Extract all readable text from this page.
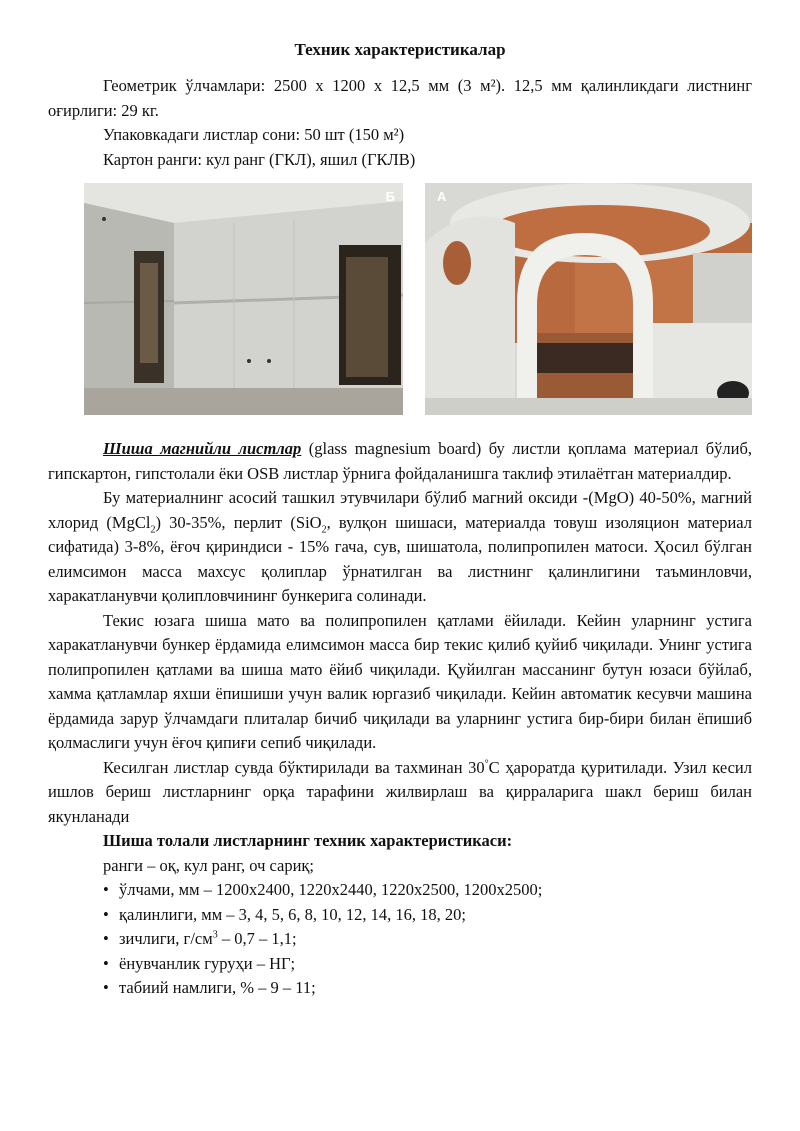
Техник характеристикалар

Геометрик ўлчамлари: 2500 x 1200 x 12,5 мм (3 м²). 12,5 мм қалинликдаги листнинг оғирлиги: 29 кг.

Упаковкадаги листлар сони: 50 шт (150 м²)
Картон ранги: кул ранг (ГКЛ), яшил (ГКЛВ)
Б	А

Шиша магнийли листлар (glass magnesium board) бу листли қоплама материал бўлиб, гипскартон, гипстолали ёки OSB листлар ўрнига фойдаланишга таклиф этилаётган материалдир.

Бу материалнинг асосий ташкил этувчилари бўлиб магний оксиди -(MgO) 40-50%, магний хлорид (MgCl$_2$) 30-35%, перлит (SiO$_2$, вулқон шишаси, материалда товуш изоляцион материал сифатида) 3-8%, ёғоч қириндиси - 15% гача, сув, шишатола, полипропилен матоси. Ҳосил бўлган елимсимон масса махсус қолиплар ўрнатилган ва листнинг қалинлигини таъминловчи, харакатланувчи қолипловчининг бункерига солинади.

Текис юзага шиша мато ва полипропилен қатлами ёйилади. Кейин уларнинг устига харакатланувчи бункер ёрдамида елимсимон масса бир текис қилиб қуйиб чиқилади. Унинг устига полипропилен қатлами ва шиша мато ёйиб чиқилади. Қуйилган массанинг бутун юзаси бўйлаб, хамма қатламлар яхши ёпишиши учун валик юргазиб чиқилади. Кейин автоматик кесувчи машина ёрдамида зарур ўлчамдаги плиталар бичиб чиқилади ва уларнинг устига бир-бири билан ёпишиб қолмаслиги учун ёғоч қипиғи сепиб чиқилади.

Кесилган листлар сувда бўктирилади ва тахминан 30°С ҳароратда қуритилади. Узил кесил ишлов бериш листларнинг орқа тарафини жилвирлаш ва қирраларига шакл бериш билан якунланади

Шиша толали листларнинг техник характеристикаси:
ранги – оқ, кул ранг, оч сариқ;
• ўлчами, мм – 1200x2400, 1220x2440, 1220x2500, 1200x2500;
• қалинлиги, мм – 3, 4, 5, 6, 8, 10, 12, 14, 16, 18, 20;
• зичлиги, $г/см^3 - 0,7 - 1,1$;
• ёнувчанлик гуруҳи – НГ;
• табиий намлиги, % – 9 – 11;
